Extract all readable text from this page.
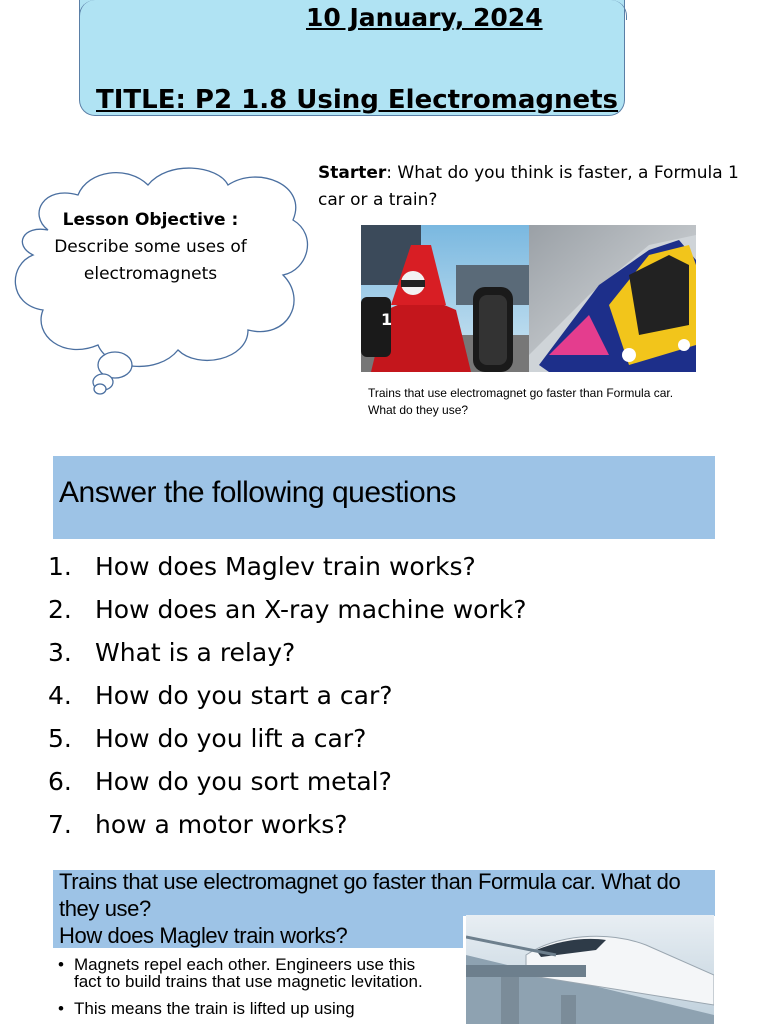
10 January, 2024
TITLE: P2 1.8 Using Electromagnets
Lesson Objective :
Describe some uses of electromagnets
Starter: What do you think is faster, a Formula 1 car or a train?
1
Trains that use electromagnet go faster than Formula car. What do they use?
Answer the following questions
1. How does Maglev train works?
2. How does an X-ray machine work?
3. What is a relay?
4. How do you start a car?
5. How do you lift a car?
6. How do you sort metal?
7. how a motor works?
Trains that use electromagnet go faster than Formula car. What do they use?
How does Maglev train works?
• Magnets repel each other. Engineers use this fact to build trains that use magnetic levitation.
• This means the train is lifted up using
